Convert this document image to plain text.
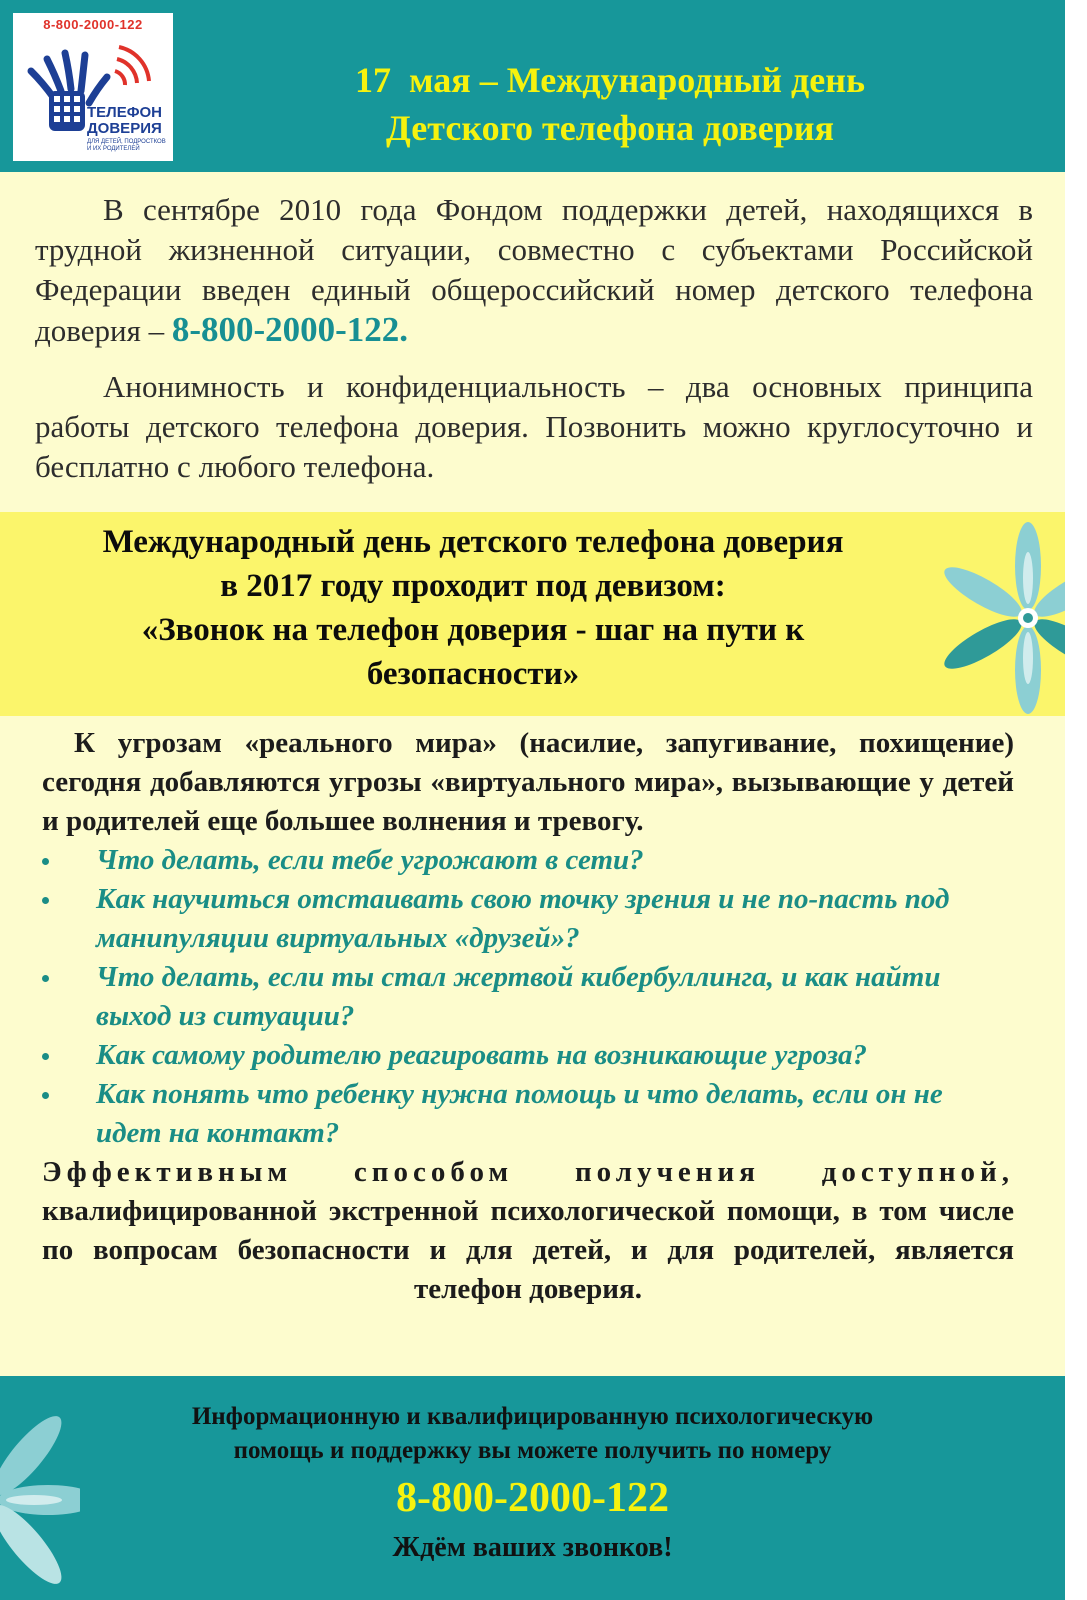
8-800-2000-122
ТЕЛЕФОН
ДОВЕРИЯ
ДЛЯ ДЕТЕЙ, ПОДРОСТКОВ
И ИХ РОДИТЕЛЕЙ
17  мая – Международный день
Детского телефона доверия

В сентябре 2010 года Фондом поддержки детей, находящихся в трудной жизненной ситуации, совместно с субъектами Российской Федерации введен единый общероссийский номер детского телефона доверия – 8-800-2000-122.

Анонимность и конфиденциальность – два основных принципа работы детского телефона доверия. Позвонить можно круглосуточно и бесплатно с любого телефона.

Международный день детского телефона доверия
в 2017 году проходит под девизом:
«Звонок на телефон доверия - шаг на пути к
безопасности»

К угрозам «реального мира» (насилие, запугивание, похищение) сегодня добавляются угрозы «виртуального мира», вызывающие у детей и родителей еще большее волнения и тревогу.

Что делать, если тебе угрожают в сети?
Как научиться отстаивать свою точку зрения и не по-пасть под манипуляции виртуальных «друзей»?
Что делать, если ты стал жертвой кибербуллинга, и как найти выход из ситуации?
Как самому родителю реагировать на возникающие угроза?
Как понять что ребенку нужна помощь и что делать, если он не идет на контакт?

Эффективным способом получения доступной, квалифицированной экстренной психологической помощи, в том числе по вопросам безопасности и для детей, и для родителей, является телефон доверия.

Информационную и квалифицированную психологическую
помощь и поддержку вы можете получить по номеру
8-800-2000-122
Ждём ваших звонков!
